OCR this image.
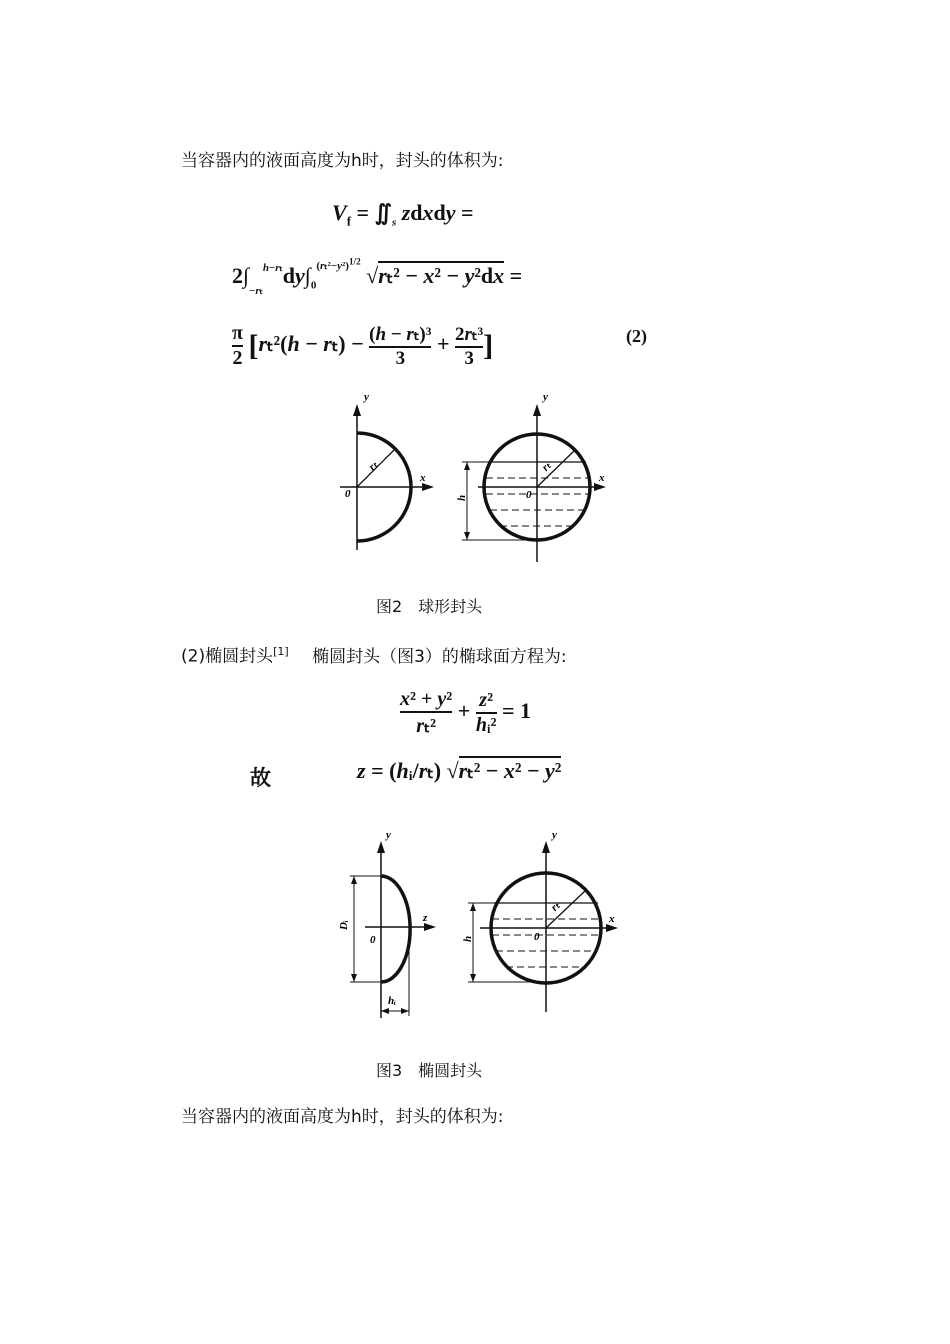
当容器内的液面高度为h时，封头的体积为:
$V_f$ = $∬_s$ zdxdy =
$2\int_{-r_t}^{h-r_t}dy\int_0^{(r_t^2-y^2)^{1/2}}$ √rₜ² − x² − y²dx =
$\frac{\pi}{2} [r_t^2(h - r_t) - \frac{\text{(h − rₜ)³}}{3} + \frac{\text{2rₜ³}}{3}$ ]	(2)
y
x
0
rₜ
y
x
0
rₜ
h
y
z
0
Dᵢ
hᵢ
y
x
0
rₜ
h
图2　球形封头
(2)椭圆封头[1] 椭圆封头（图3）的椭球面方程为:
$\frac{\text{x² + y²}}{\text{rₜ²}} + \frac{\text{z²}}{\text{hᵢ²}} = 1$
故	z = (hᵢ/rₜ) √rₜ² − x² − y²
图3　椭圆封头
当容器内的液面高度为h时，封头的体积为:
